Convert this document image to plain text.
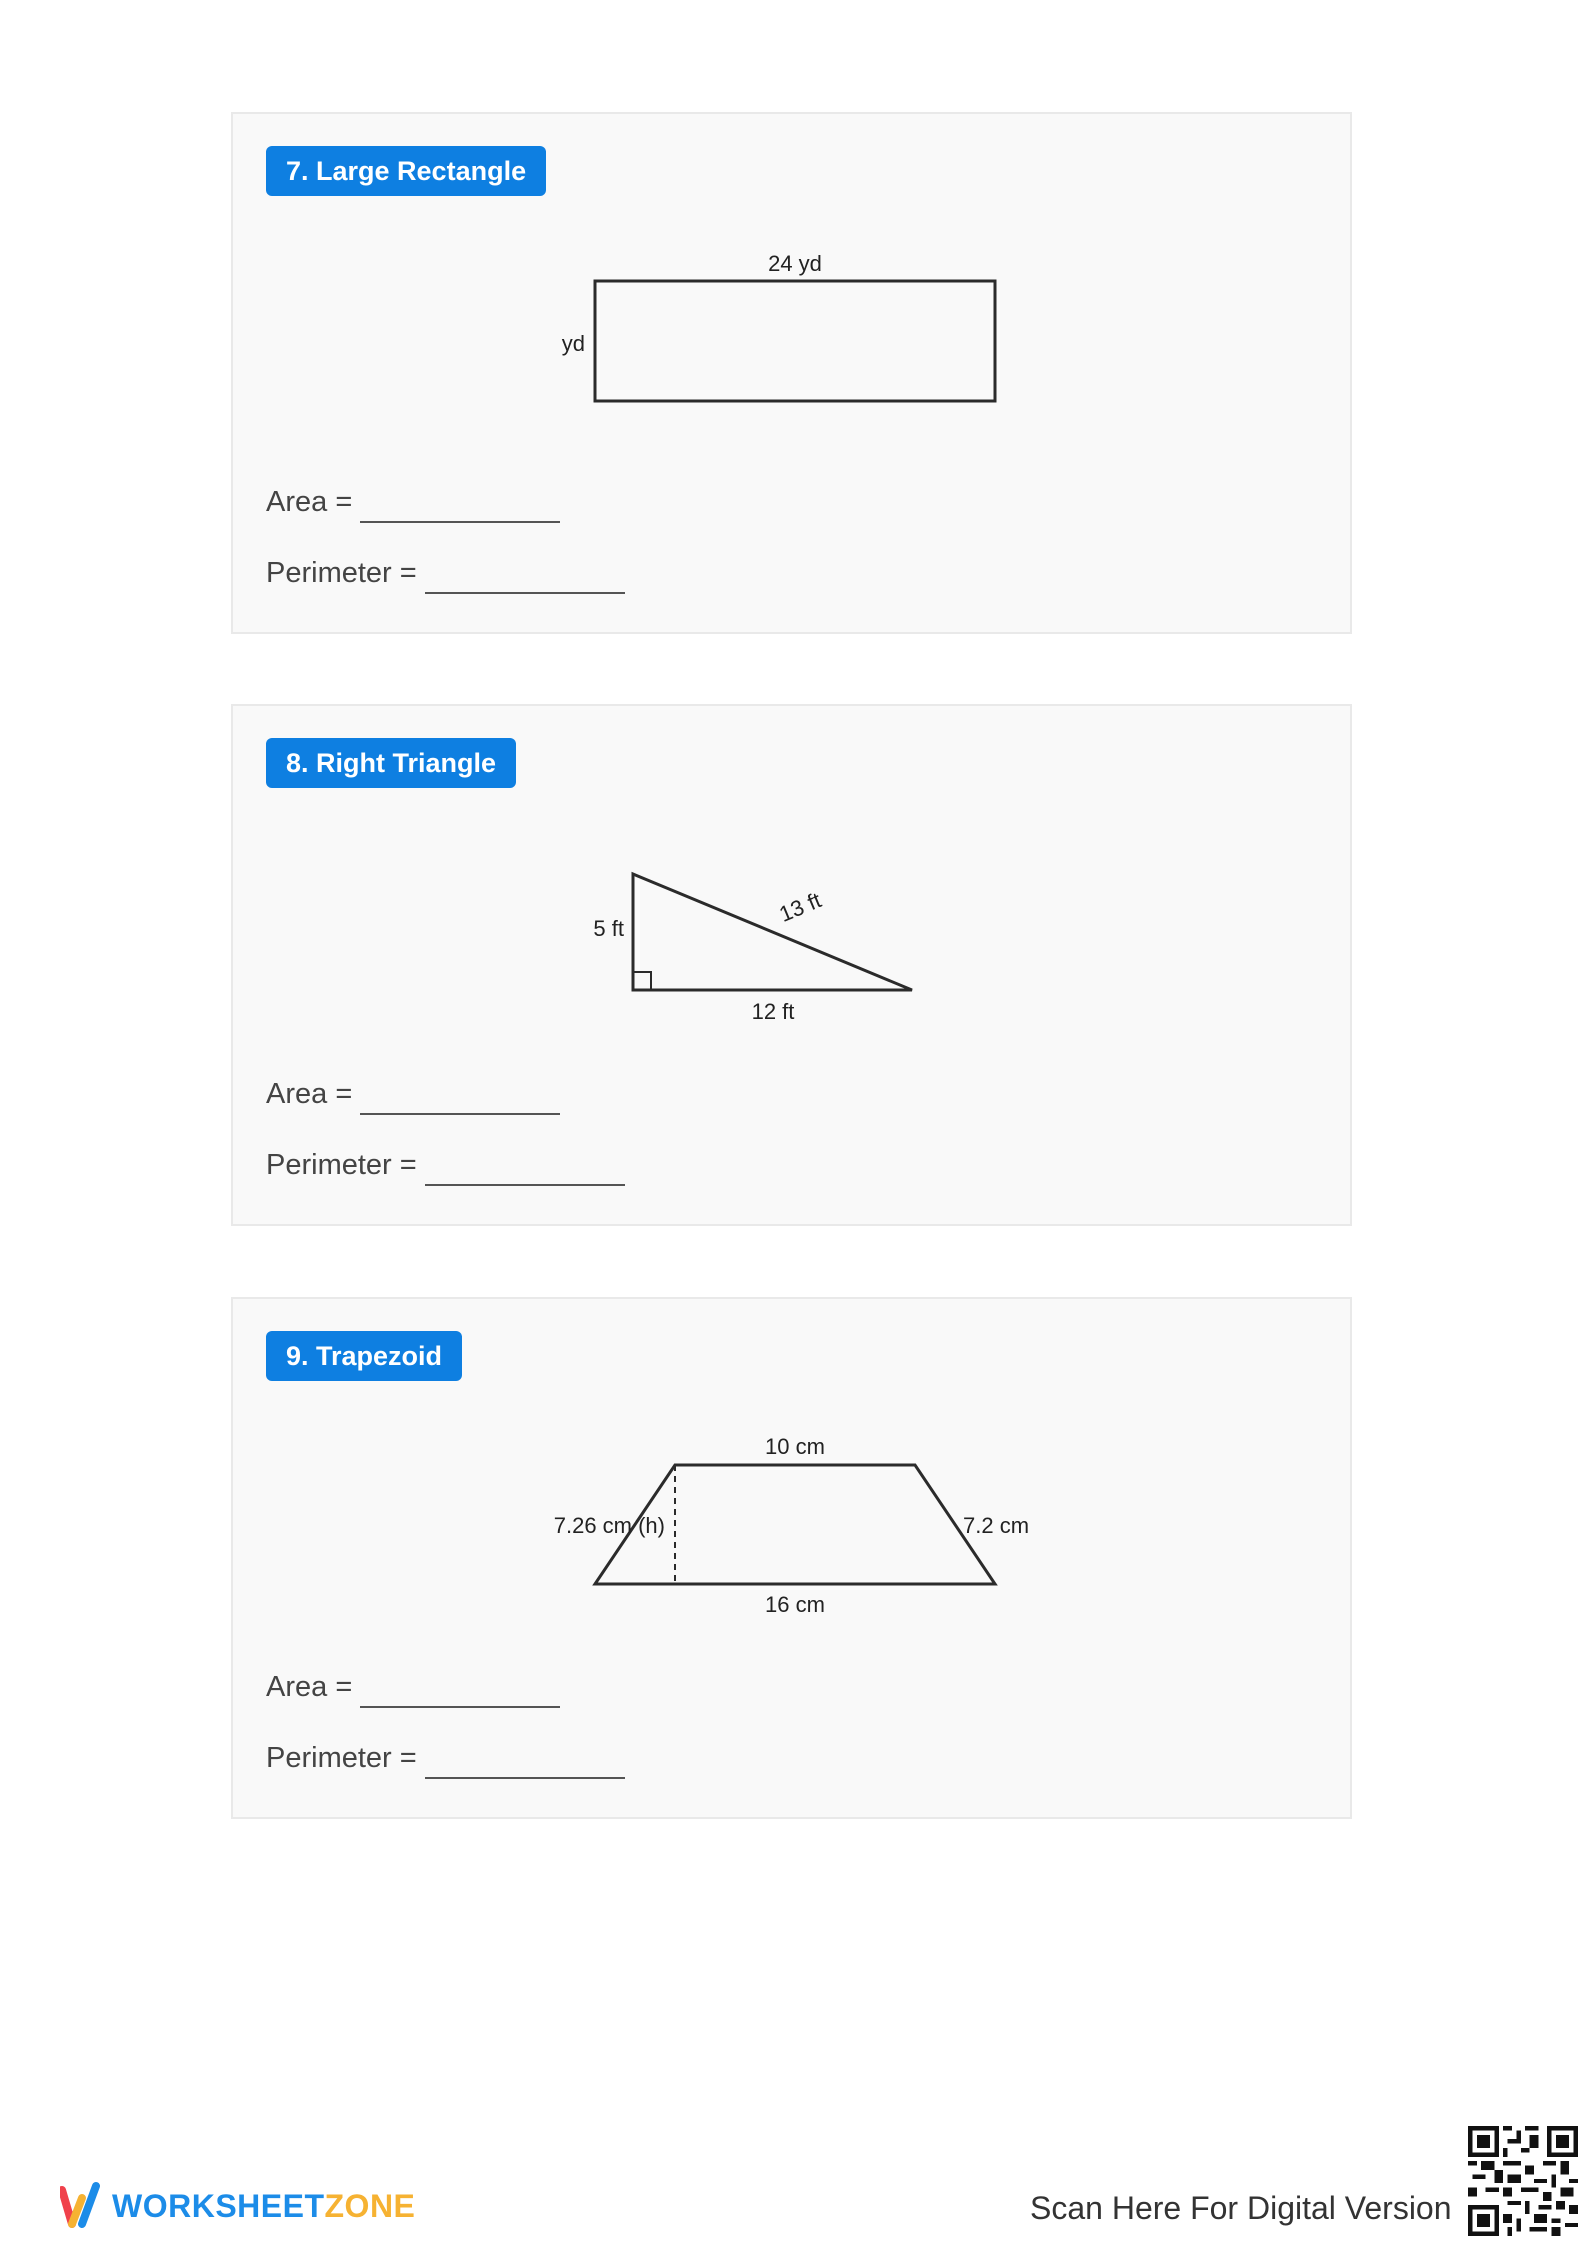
7. Large Rectangle
24 yd
yd
Area =
Perimeter =
8. Right Triangle
5 ft
13 ft
12 ft
Area =
Perimeter =
9. Trapezoid
10 cm
7.26 cm (h)	7.2 cm
16 cm
Area =
Perimeter =
WORKSHEETZONE	Scan Here For Digital Version
